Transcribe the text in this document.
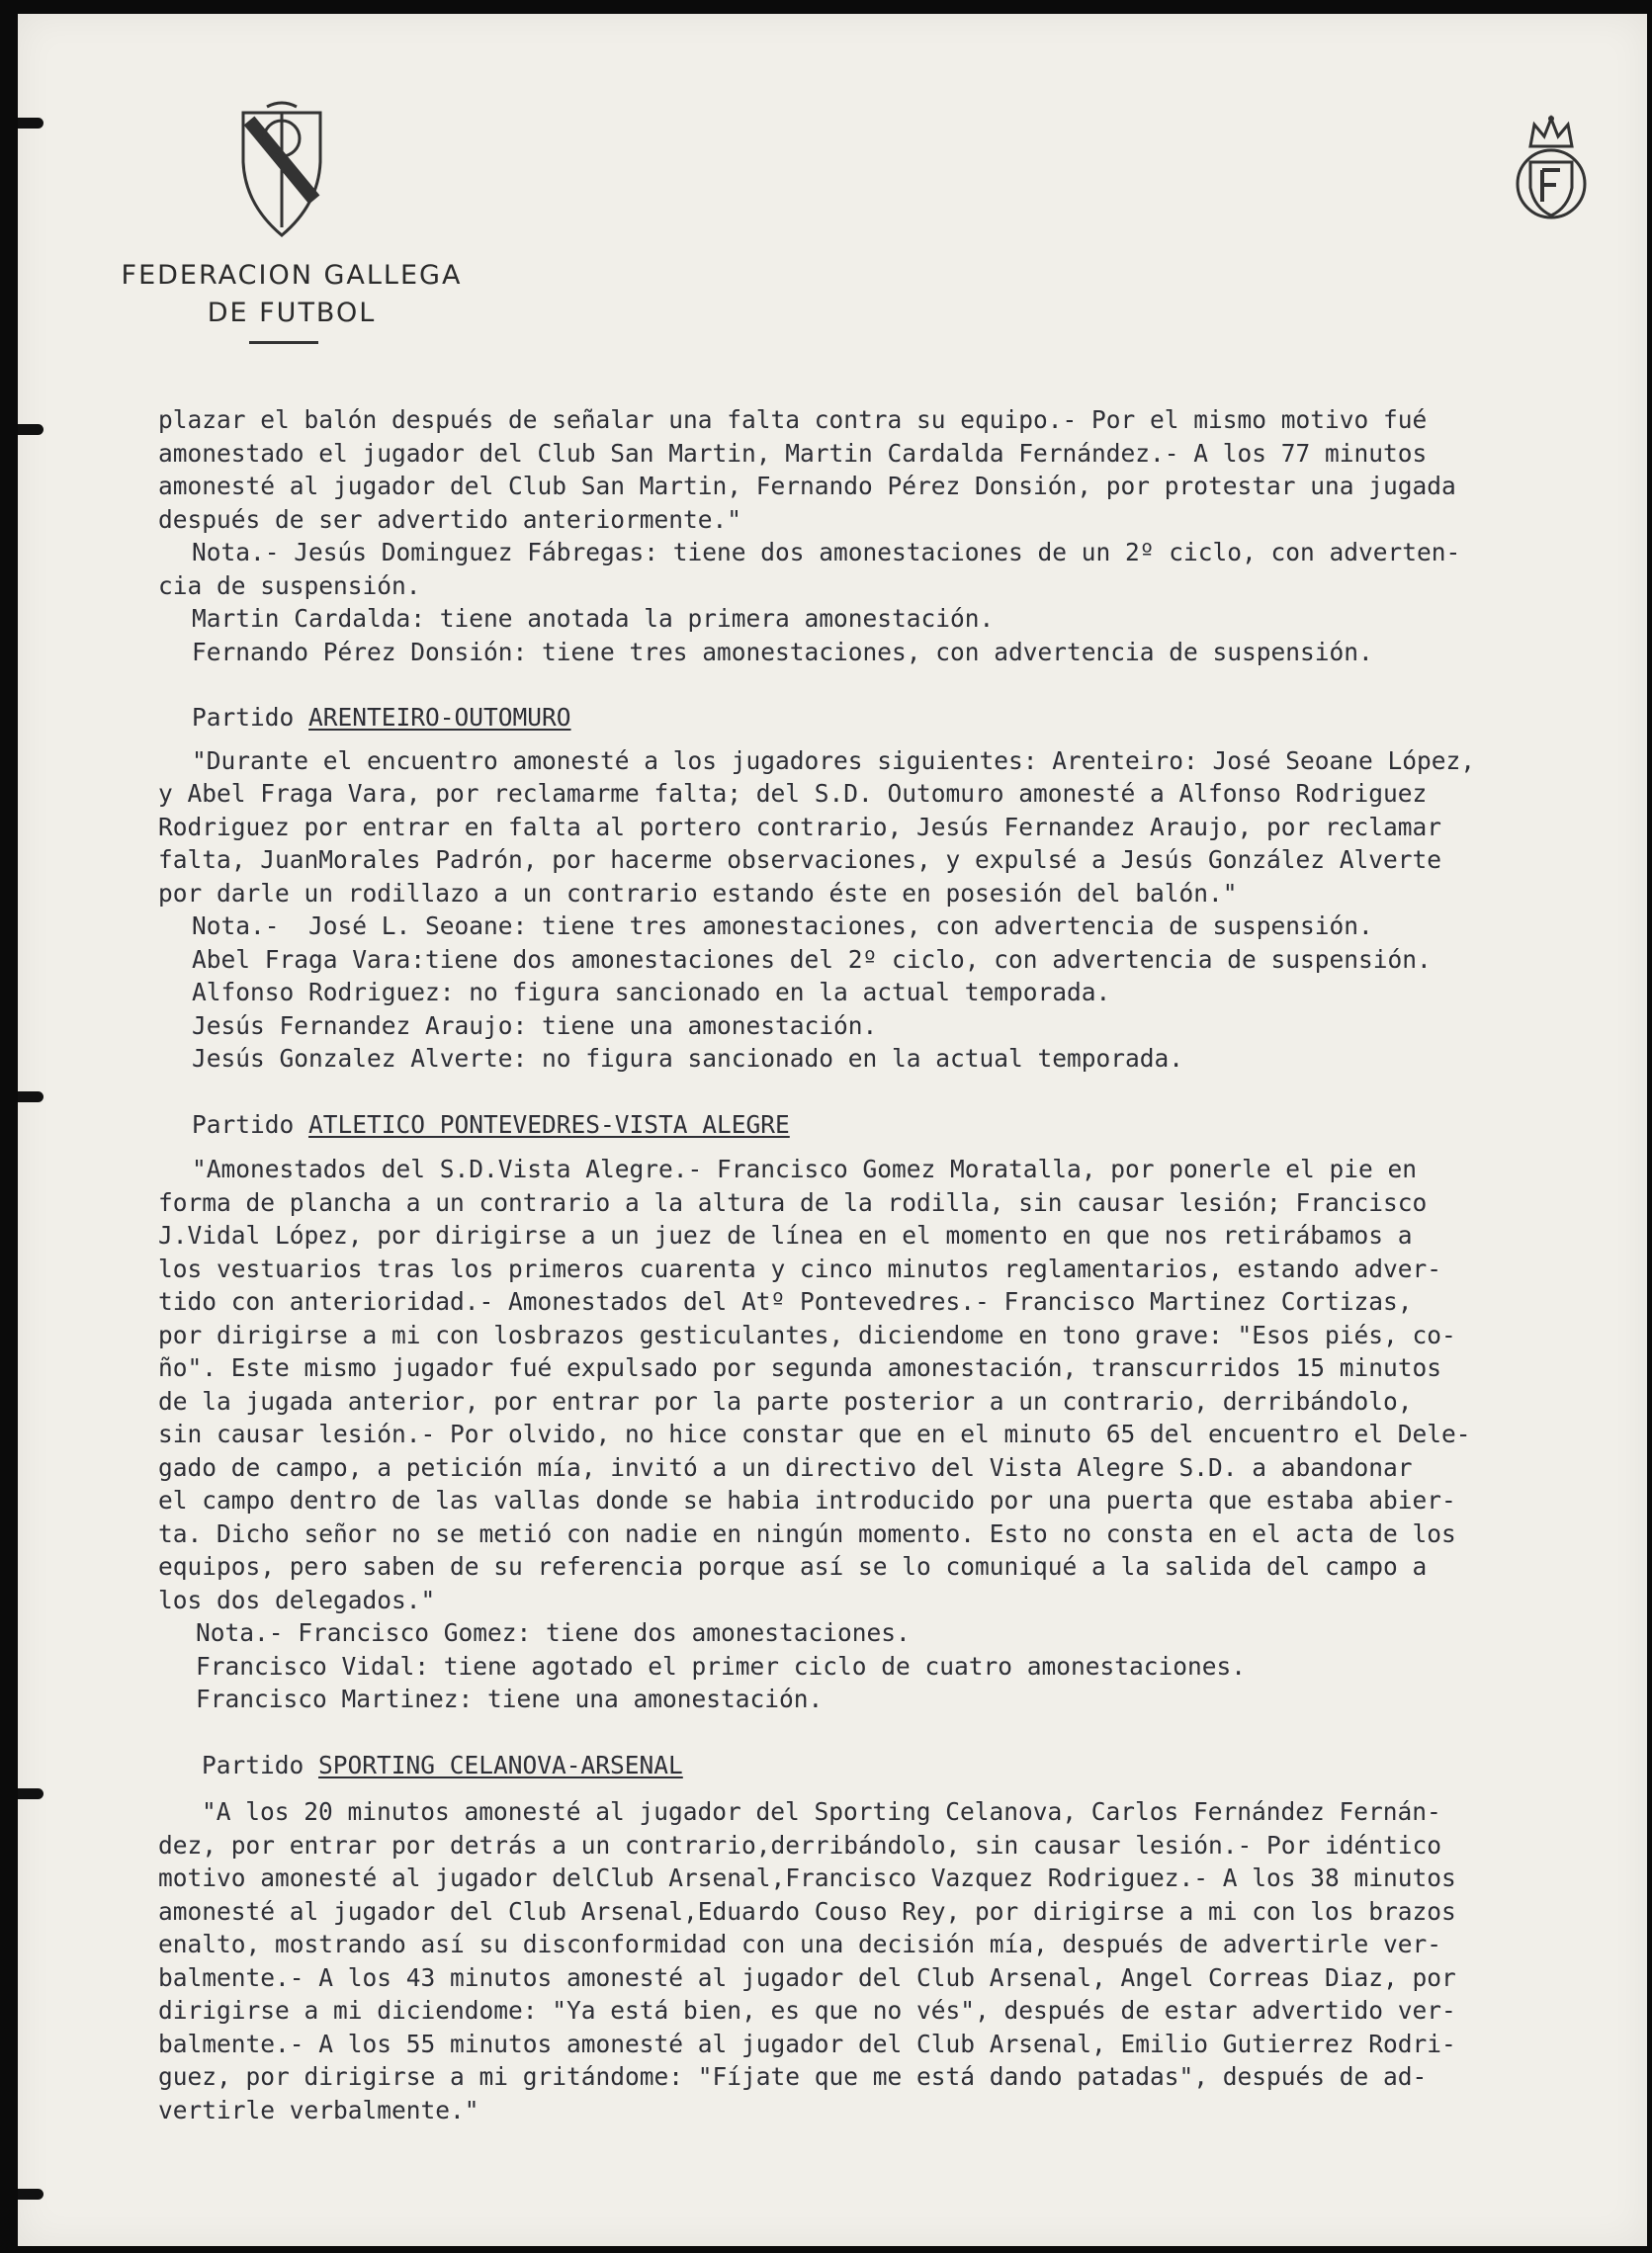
FEDERACION GALLEGA
DE FUTBOL
plazar el balón después de señalar una falta contra su equipo.- Por el mismo motivo fué
amonestado el jugador del Club San Martin, Martin Cardalda Fernández.- A los 77 minutos
amonesté al jugador del Club San Martin, Fernando Pérez Donsión, por protestar una jugada
después de ser advertido anteriormente."
Nota.- Jesús Dominguez Fábregas: tiene dos amonestaciones de un 2º ciclo, con adverten-
cia de suspensión.
Martin Cardalda: tiene anotada la primera amonestación.
Fernando Pérez Donsión: tiene tres amonestaciones, con advertencia de suspensión.
Partido ARENTEIRO-OUTOMURO
"Durante el encuentro amonesté a los jugadores siguientes: Arenteiro: José Seoane López,
y Abel Fraga Vara, por reclamarme falta; del S.D. Outomuro amonesté a Alfonso Rodriguez
Rodriguez por entrar en falta al portero contrario, Jesús Fernandez Araujo, por reclamar
falta, JuanMorales Padrón, por hacerme observaciones, y expulsé a Jesús González Alverte
por darle un rodillazo a un contrario estando éste en posesión del balón."
Nota.-  José L. Seoane: tiene tres amonestaciones, con advertencia de suspensión.
Abel Fraga Vara:tiene dos amonestaciones del 2º ciclo, con advertencia de suspensión.
Alfonso Rodriguez: no figura sancionado en la actual temporada.
Jesús Fernandez Araujo: tiene una amonestación.
Jesús Gonzalez Alverte: no figura sancionado en la actual temporada.
Partido ATLETICO PONTEVEDRES-VISTA ALEGRE
"Amonestados del S.D.Vista Alegre.- Francisco Gomez Moratalla, por ponerle el pie en
forma de plancha a un contrario a la altura de la rodilla, sin causar lesión; Francisco
J.Vidal López, por dirigirse a un juez de línea en el momento en que nos retirábamos a
los vestuarios tras los primeros cuarenta y cinco minutos reglamentarios, estando adver-
tido con anterioridad.- Amonestados del Atº Pontevedres.- Francisco Martinez Cortizas,
por dirigirse a mi con losbrazos gesticulantes, diciendome en tono grave: "Esos piés, co-
ño". Este mismo jugador fué expulsado por segunda amonestación, transcurridos 15 minutos
de la jugada anterior, por entrar por la parte posterior a un contrario, derribándolo,
sin causar lesión.- Por olvido, no hice constar que en el minuto 65 del encuentro el Dele-
gado de campo, a petición mía, invitó a un directivo del Vista Alegre S.D. a abandonar
el campo dentro de las vallas donde se habia introducido por una puerta que estaba abier-
ta. Dicho señor no se metió con nadie en ningún momento. Esto no consta en el acta de los
equipos, pero saben de su referencia porque así se lo comuniqué a la salida del campo a
los dos delegados."
Nota.- Francisco Gomez: tiene dos amonestaciones.
Francisco Vidal: tiene agotado el primer ciclo de cuatro amonestaciones.
Francisco Martinez: tiene una amonestación.
Partido SPORTING CELANOVA-ARSENAL
"A los 20 minutos amonesté al jugador del Sporting Celanova, Carlos Fernández Fernán-
dez, por entrar por detrás a un contrario,derribándolo, sin causar lesión.- Por idéntico
motivo amonesté al jugador delClub Arsenal,Francisco Vazquez Rodriguez.- A los 38 minutos
amonesté al jugador del Club Arsenal,Eduardo Couso Rey, por dirigirse a mi con los brazos
enalto, mostrando así su disconformidad con una decisión mía, después de advertirle ver-
balmente.- A los 43 minutos amonesté al jugador del Club Arsenal, Angel Correas Diaz, por
dirigirse a mi diciendome: "Ya está bien, es que no vés", después de estar advertido ver-
balmente.- A los 55 minutos amonesté al jugador del Club Arsenal, Emilio Gutierrez Rodri-
guez, por dirigirse a mi gritándome: "Fíjate que me está dando patadas", después de ad-
vertirle verbalmente."
